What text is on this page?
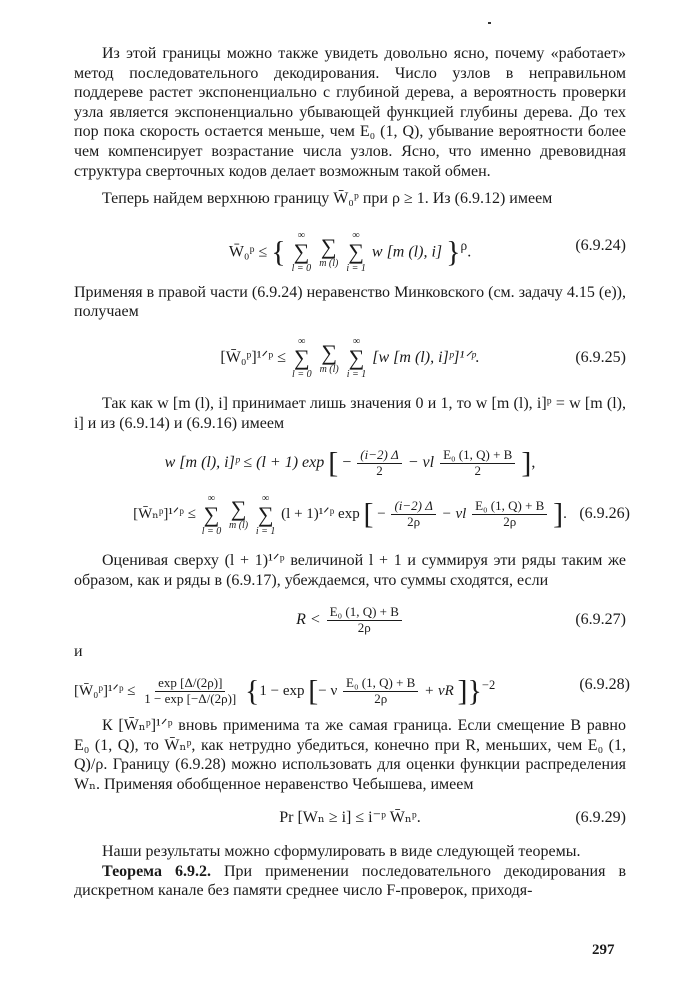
Из этой границы можно также увидеть довольно ясно, почему «работает» метод последовательного декодирования. Число узлов в неправильном поддереве растет экспоненциально с глубиной дерева, а вероятность проверки узла является экспоненциально убывающей функцией глубины дерева. До тех пор пока скорость остается меньше, чем E₀ (1, Q), убывание вероятности более чем компенсирует возрастание числа узлов. Ясно, что именно древовидная структура сверточных кодов делает возможным такой обмен.

Теперь найдем верхнюю границу W̄₀ᵖ при ρ ≥ 1. Из (6.9.12) имеем

W̄₀ᵖ ≤ { ∞
∑
l = 0

∑
m (l)

∞
∑
i = 1
w [m (l), i] }$^\rho$.	(6.9.24)

Применяя в правой части (6.9.24) неравенство Минковского (см. задачу 4.15 (е)), получаем

[W̄₀ᵖ]¹ᐟᵖ ≤
∞
∑
l = 0

∑
m (l)

∞
∑
i = 1
[w [m (l), i]ᵖ]¹ᐟᵖ.	(6.9.25)

Так как w [m (l), i] принимает лишь значения 0 и 1, то w [m (l), i]ᵖ = w [m (l), i] и из (6.9.14) и (6.9.16) имеем

w [m (l), i]ᵖ ≤ (l + 1) exp [ − $\frac{(i-2) \Delta}{2} - \nu l \frac{\text{E₀ (1, Q) + B}}{2}$ ],
[W̄ₙᵖ]¹ᐟᵖ ≤
∞
∑
l = 0

∑
m (l)

∞
∑
i = 1
(l + 1)¹ᐟᵖ exp [ − $\frac{(i-2) \Delta}{2\rho} - \nu l \frac{\text{E₀ (1, Q) + B}}{2\rho}$ ]. (6.9.26)

Оценивая сверху (l + 1)¹ᐟᵖ величиной l + 1 и суммируя эти ряды таким же образом, как и ряды в (6.9.17), убеждаемся, что суммы сходятся, если

$R < \frac{\text{E₀ (1, Q) + B}}{2\rho}$	(6.9.27)

и

[W̄₀ᵖ]¹ᐟᵖ ≤ $\frac{\exp [\Delta/(2\rho)]}{1 - \exp [-\Delta/(2\rho)]} \{1 - \exp$ [− ν $\frac{\text{E₀ (1, Q) + B}}{2\rho} + \nu R$ ]}$^{-2}$	(6.9.28)

К [W̄ₙᵖ]¹ᐟᵖ вновь применима та же самая граница. Если смещение B равно E₀ (1, Q), то W̄ₙᵖ, как нетрудно убедиться, конечно при R, меньших, чем E₀ (1, Q)/ρ. Границу (6.9.28) можно использовать для оценки функции распределения Wₙ. Применяя обобщенное неравенство Чебышева, имеем

Pr [Wₙ ≥ i] ≤ i⁻ᵖ W̄ₙᵖ.	(6.9.29)

Наши результаты можно сформулировать в виде следующей теоремы.

Теорема 6.9.2. При применении последовательного декодирования в дискретном канале без памяти среднее число F-проверок, приходя-

297
